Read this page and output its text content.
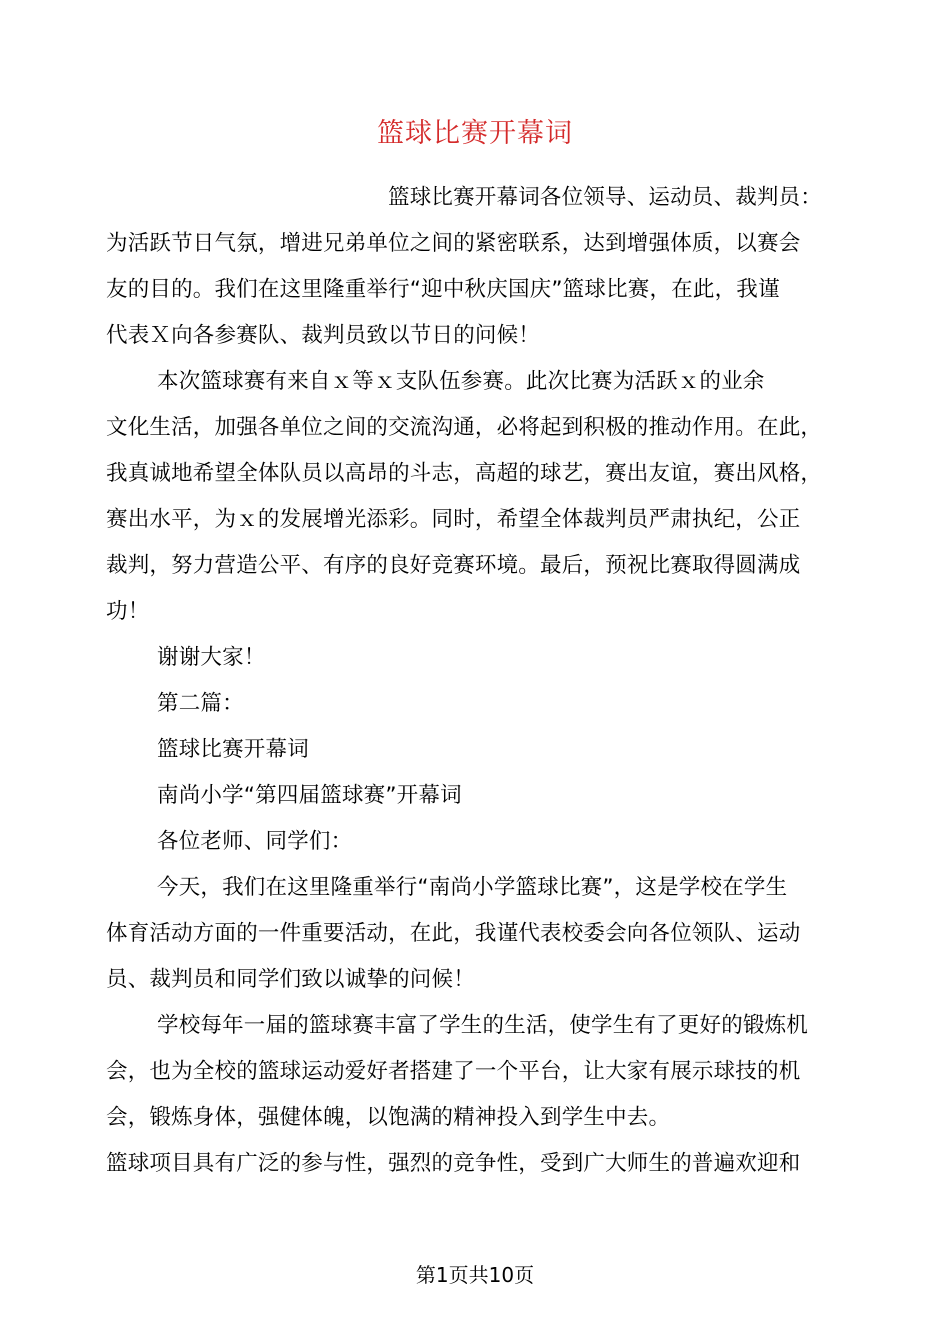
篮球比赛开幕词
篮球比赛开幕词各位领导、运动员、裁判员：
为活跃节日气氛，增进兄弟单位之间的紧密联系，达到增强体质，以赛会
友的目的。我们在这里隆重举行“迎中秋庆国庆”篮球比赛，在此，我谨
代表Ｘ向各参赛队、裁判员致以节日的问候！
本次篮球赛有来自ｘ等ｘ支队伍参赛。此次比赛为活跃ｘ的业余
文化生活，加强各单位之间的交流沟通，必将起到积极的推动作用。在此，
我真诚地希望全体队员以高昂的斗志，高超的球艺，赛出友谊，赛出风格，
赛出水平，为ｘ的发展增光添彩。同时，希望全体裁判员严肃执纪，公正
裁判，努力营造公平、有序的良好竞赛环境。最后，预祝比赛取得圆满成
功！
谢谢大家！
第二篇：
篮球比赛开幕词
南尚小学“第四届篮球赛”开幕词
各位老师、同学们：
今天，我们在这里隆重举行“南尚小学篮球比赛”，这是学校在学生
体育活动方面的一件重要活动，在此，我谨代表校委会向各位领队、运动
员、裁判员和同学们致以诚挚的问候！
学校每年一届的篮球赛丰富了学生的生活，使学生有了更好的锻炼机
会，也为全校的篮球运动爱好者搭建了一个平台，让大家有展示球技的机
会，锻炼身体，强健体魄，以饱满的精神投入到学生中去。
篮球项目具有广泛的参与性，强烈的竞争性，受到广大师生的普遍欢迎和
第1页共10页
